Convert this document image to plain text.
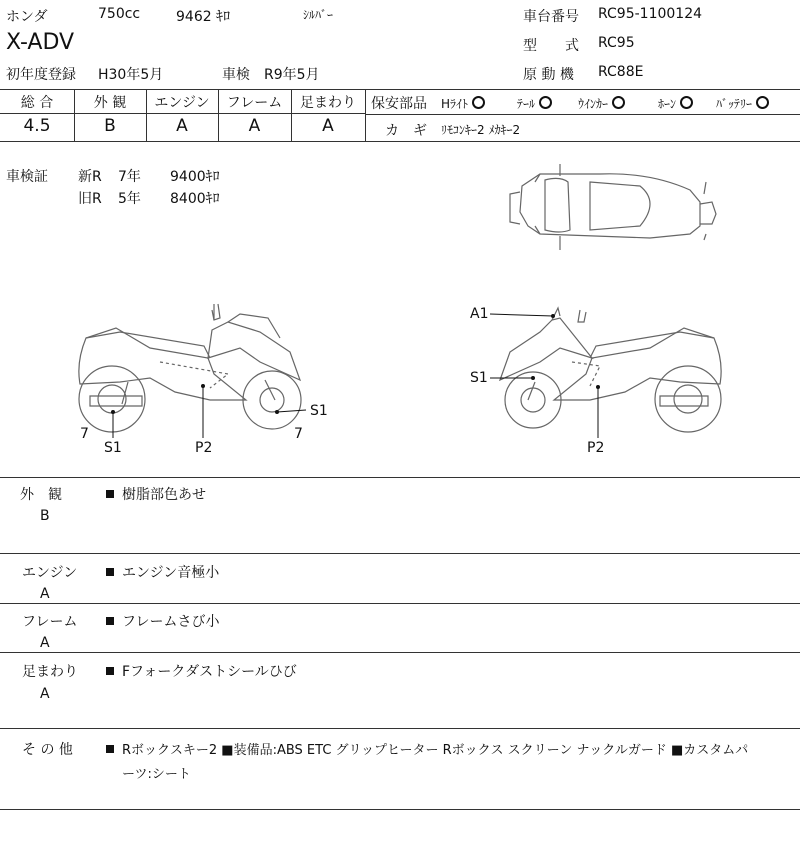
ホンダ	750cc	9462 ｷﾛ	ｼﾙﾊﾞｰ
X-ADV
初年度登録 H30年5月	車検 R9年5月
車台番号 RC95-1100124
型　　式 RC95
原 動 機 RC88E
総 合	外 観	エンジン	フレーム	足まわり
4.5	B	A	A	A
保安部品 Hﾗｲﾄ	ﾃｰﾙ	ｳｲﾝｶｰ	ﾎｰﾝ	ﾊﾞｯﾃﾘｰ
カ　ギ ﾘﾓｺﾝｷｰ2 ﾒｶｷｰ2
車検証 新R 7年 9400ｷﾛ
旧R 5年 8400ｷﾛ
S1
7
7
S1	P2
A1
S1
P2
外　観
B
樹脂部色あせ
エンジン
A
エンジン音極小
フレーム
A
フレームさび小
足まわり
A
Fフォークダストシールひび
そ の 他	Rボックスキー2 ■装備品:ABS ETC グリップヒーター Rボックス スクリーン ナックルガード ■カスタムパ
ーツ:シート
